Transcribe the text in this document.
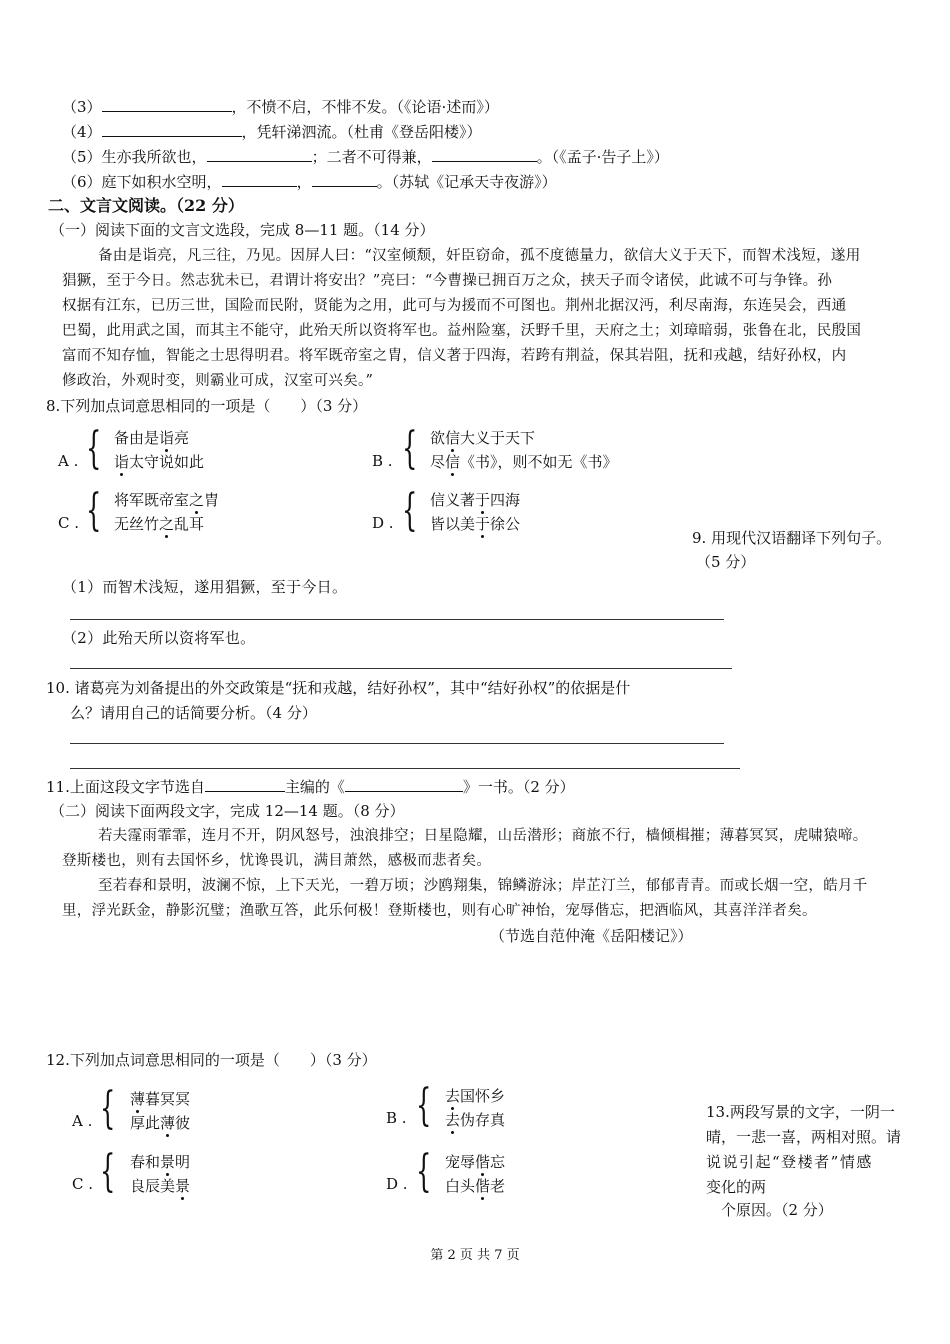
（3）	，不愤不启，不悱不发。（《论语·述而》）
（4）	，凭轩涕泗流。（杜甫《登岳阳楼》）
（5）生亦我所欲也，	；二者不可得兼，	。（《孟子·告子上》）
（6）庭下如积水空明，	，	。（苏轼《记承天寺夜游》）
二、文言文阅读。（22 分）
（一）阅读下面的文言文选段，完成 8—11 题。（14 分）
备由是诣亮，凡三往，乃见。因屏人曰：“汉室倾颓，奸臣窃命，孤不度德量力，欲信大义于天下，而智术浅短，遂用
猖獗，至于今日。然志犹未已，君谓计将安出？”亮曰：“今曹操已拥百万之众，挟天子而令诸侯，此诚不可与争锋。孙
权据有江东，已历三世，国险而民附，贤能为之用，此可与为援而不可图也。荆州北据汉沔，利尽南海，东连吴会，西通
巴蜀，此用武之国，而其主不能守，此殆天所以资将军也。益州险塞，沃野千里，天府之土；刘璋暗弱，张鲁在北，民殷国
富而不知存恤，智能之士思得明君。将军既帝室之胄，信义著于四海，若跨有荆益，保其岩阻，抚和戎越，结好孙权，内
修政治，外观时变，则霸业可成，汉室可兴矣。”
8.下列加点词意思相同的一项是（　　）（3 分）
A . { 备由是诣亮
诣太守说如此	B . { 欲信大义于天下
尽信《书》，则不如无《书》
C . { 将军既帝室之胄
无丝竹之乱耳	D . { 信义著于四海
皆以美于徐公
9. 用现代汉语翻译下列句子。
（5 分）
（1）而智术浅短，遂用猖獗，至于今日。
（2）此殆天所以资将军也。
10. 诸葛亮为刘备提出的外交政策是“抚和戎越，结好孙权”，其中“结好孙权”的依据是什
么？请用自己的话简要分析。（4 分）
11.上面这段文字节选自	主编的《	》一书。（2 分）
（二）阅读下面两段文字，完成 12—14 题。（8 分）
若夫霪雨霏霏，连月不开，阴风怒号，浊浪排空；日星隐耀，山岳潜形；商旅不行，樯倾楫摧；薄暮冥冥，虎啸猿啼。
登斯楼也，则有去国怀乡，忧谗畏讥，满目萧然，感极而悲者矣。
至若春和景明，波澜不惊，上下天光，一碧万顷；沙鸥翔集，锦鳞游泳；岸芷汀兰，郁郁青青。而或长烟一空，皓月千
里，浮光跃金，静影沉璧；渔歌互答，此乐何极！登斯楼也，则有心旷神怡，宠辱偕忘，把酒临风，其喜洋洋者矣。
（节选自范仲淹《岳阳楼记》）
12.下列加点词意思相同的一项是（　　）（3 分）
A . { 薄暮冥冥
厚此薄彼	B . { 去国怀乡
去伪存真
C . { 春和景明
良辰美景	D . { 宠辱偕忘
白头偕老
13.两段写景的文字，一阴一
晴，一悲一喜，两相对照。请
说说引起“登楼者”情感
变化的两
　个原因。（2 分）
第 2 页 共 7 页
